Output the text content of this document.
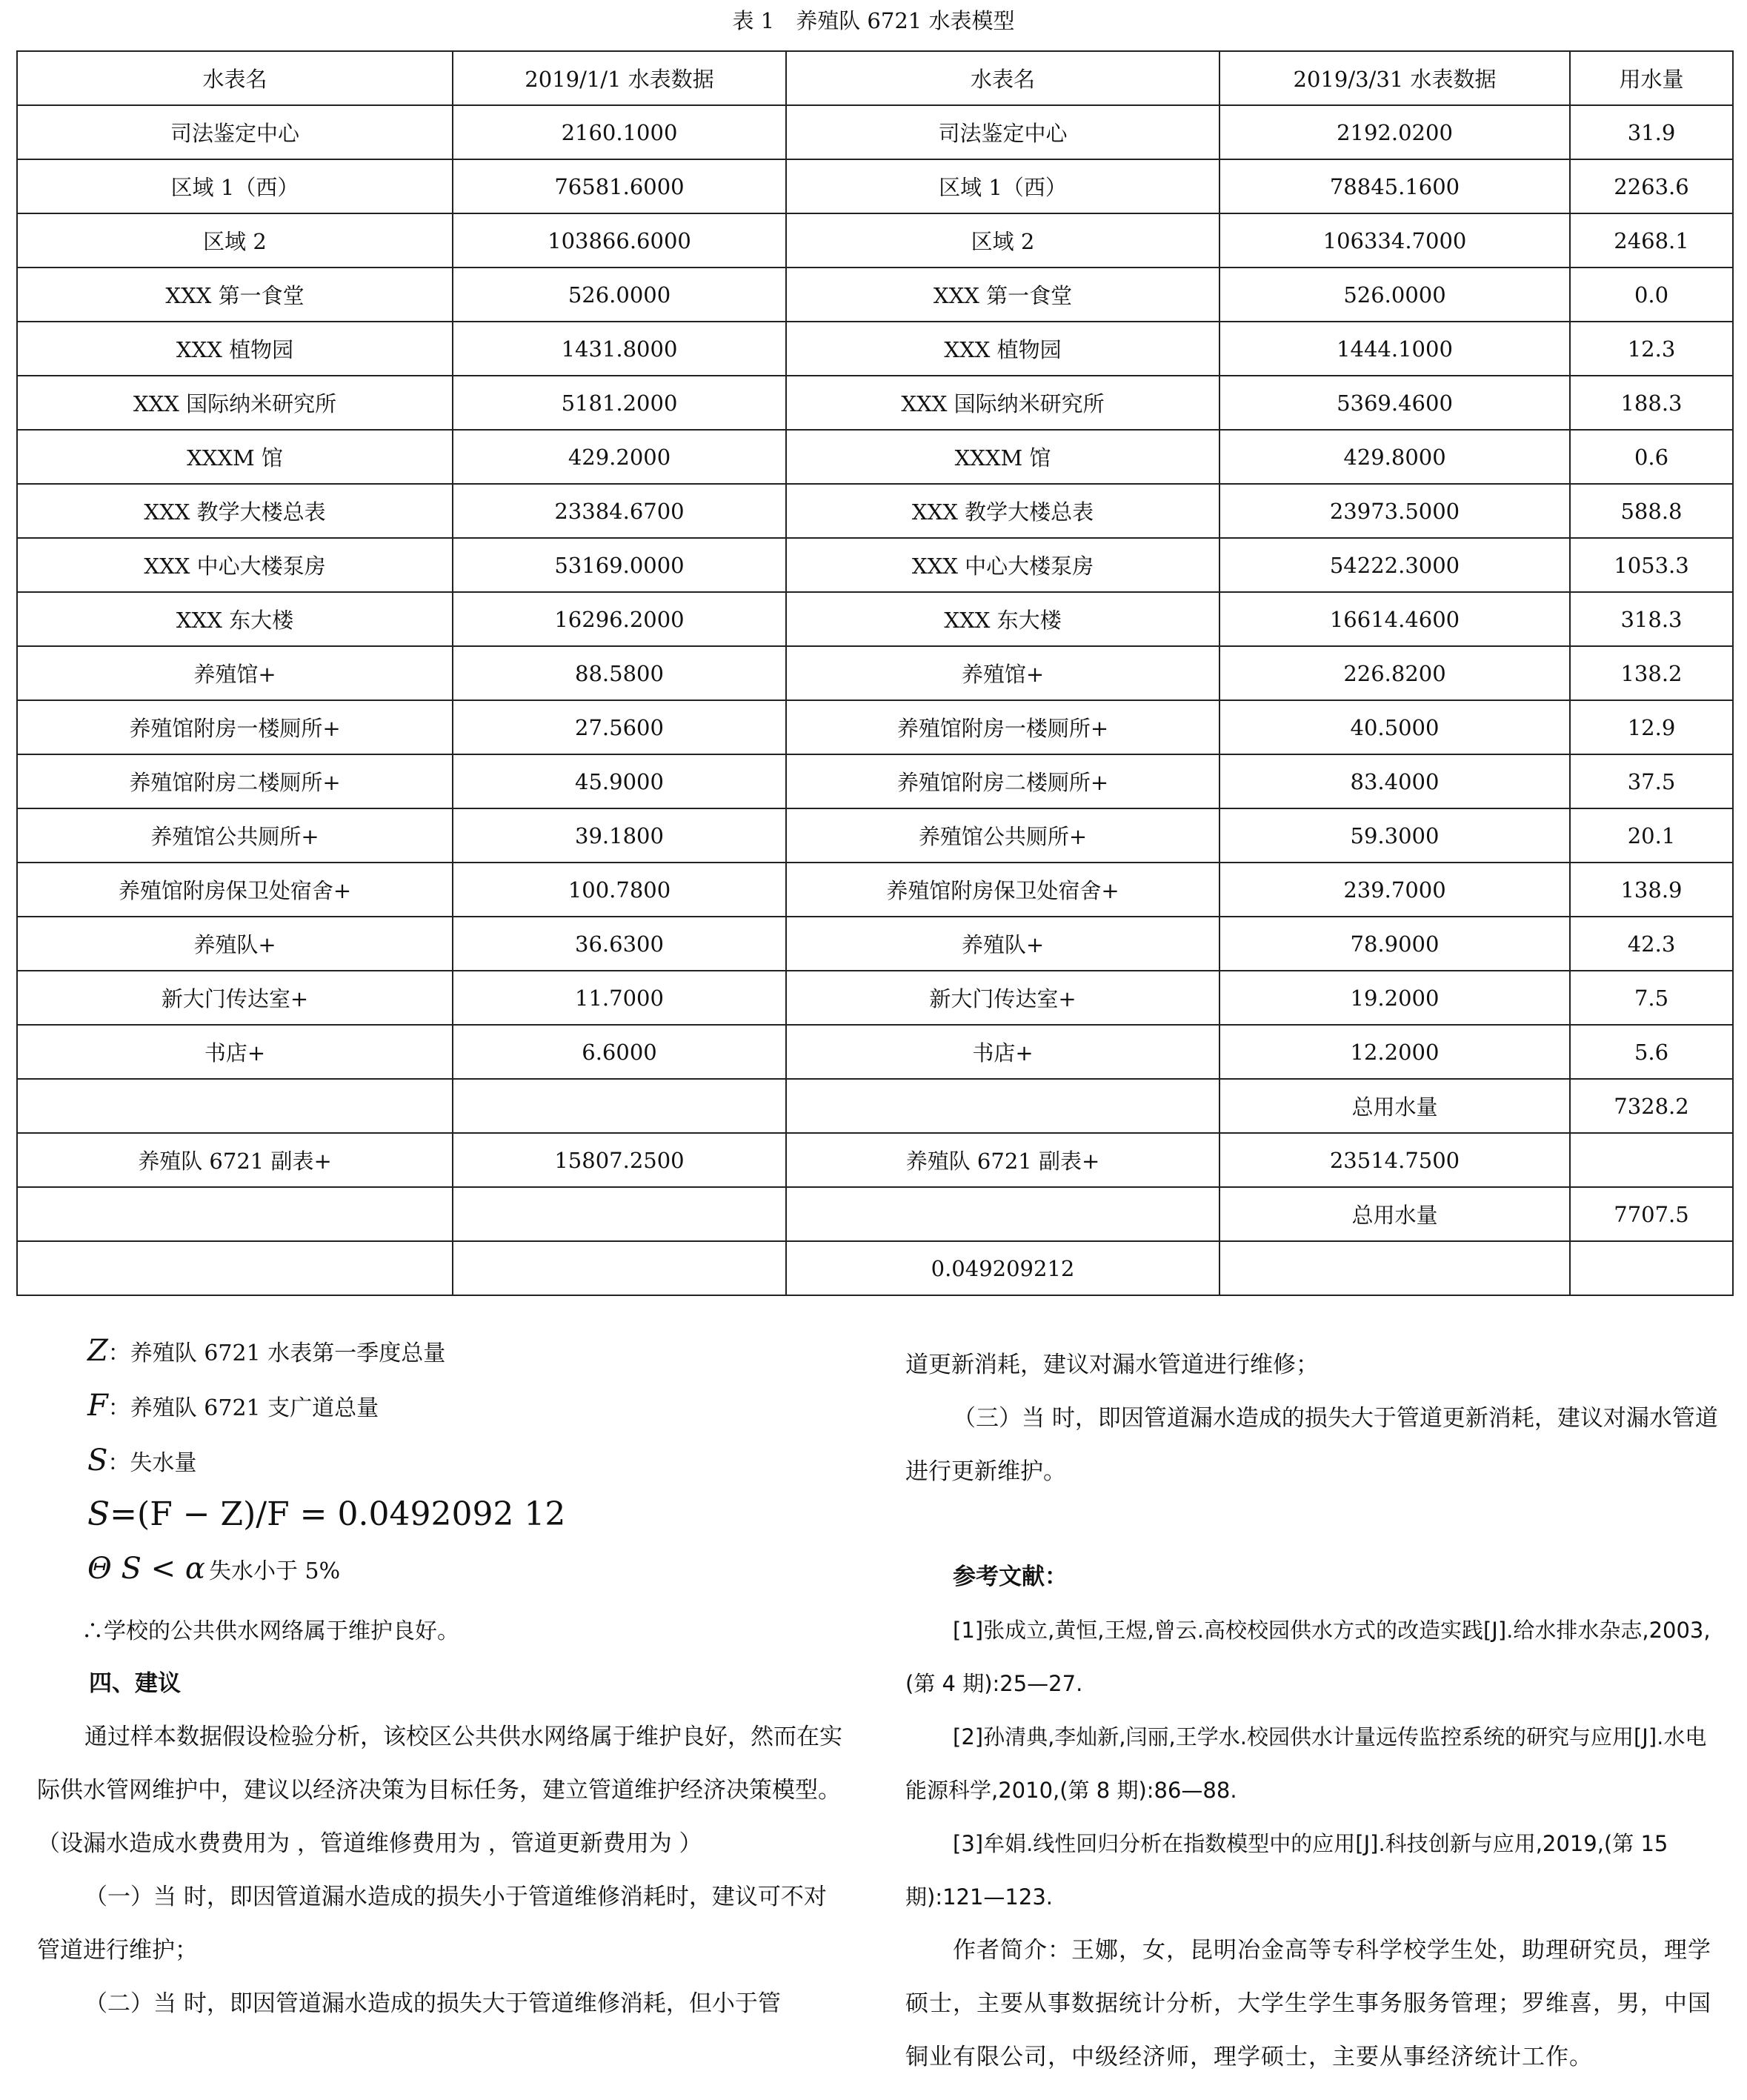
表 1　养殖队 6721 水表模型
水表名	2019/1/1 水表数据	水表名	2019/3/31 水表数据	用水量
司法鉴定中心	2160.1000	司法鉴定中心	2192.0200	31.9
区域 1（西）	76581.6000	区域 1（西）	78845.1600	2263.6
区域 2	103866.6000	区域 2	106334.7000	2468.1
XXX 第一食堂	526.0000	XXX 第一食堂	526.0000	0.0
XXX 植物园	1431.8000	XXX 植物园	1444.1000	12.3
XXX 国际纳米研究所	5181.2000	XXX 国际纳米研究所	5369.4600	188.3
XXXM 馆	429.2000	XXXM 馆	429.8000	0.6
XXX 教学大楼总表	23384.6700	XXX 教学大楼总表	23973.5000	588.8
XXX 中心大楼泵房	53169.0000	XXX 中心大楼泵房	54222.3000	1053.3
XXX 东大楼	16296.2000	XXX 东大楼	16614.4600	318.3
养殖馆+	88.5800	养殖馆+	226.8200	138.2
养殖馆附房一楼厕所+	27.5600	养殖馆附房一楼厕所+	40.5000	12.9
养殖馆附房二楼厕所+	45.9000	养殖馆附房二楼厕所+	83.4000	37.5
养殖馆公共厕所+	39.1800	养殖馆公共厕所+	59.3000	20.1
养殖馆附房保卫处宿舍+	100.7800	养殖馆附房保卫处宿舍+	239.7000	138.9
养殖队+	36.6300	养殖队+	78.9000	42.3
新大门传达室+	11.7000	新大门传达室+	19.2000	7.5
书店+	6.6000	书店+	12.2000	5.6
			总用水量	7328.2
养殖队 6721 副表+	15807.2500	养殖队 6721 副表+	23514.7500	
			总用水量	7707.5
		0.049209212		
Z：养殖队 6721 水表第一季度总量
F：养殖队 6721 支广道总量
S：失水量
S=(F − Z)/F = 0.0492092 12
Θ S < α 失水小于 5%
∴学校的公共供水网络属于维护良好。

四、建议

通过样本数据假设检验分析，该校区公共供水网络属于维护良好，然而在实际供水管网维护中，建议以经济决策为目标任务，建立管道维护经济决策模型。（设漏水造成水费费用为 ，管道维修费用为 ，管道更新费用为 ）

（一）当 时，即因管道漏水造成的损失小于管道维修消耗时，建议可不对管道进行维护；

（二）当 时，即因管道漏水造成的损失大于管道维修消耗，但小于管

道更新消耗，建议对漏水管道进行维修；

（三）当 时，即因管道漏水造成的损失大于管道更新消耗，建议对漏水管道进行更新维护。

参考文献：

[1]张成立,黄恒,王煜,曾云.高校校园供水方式的改造实践[J].给水排水杂志,2003,(第 4 期):25—27.

[2]孙清典,李灿新,闫丽,王学水.校园供水计量远传监控系统的研究与应用[J].水电能源科学,2010,(第 8 期):86—88.

[3]牟娟.线性回归分析在指数模型中的应用[J].科技创新与应用,2019,(第 15 期):121—123.

作者简介：王娜，女，昆明冶金高等专科学校学生处，助理研究员，理学硕士，主要从事数据统计分析，大学生学生事务服务管理；罗维喜，男，中国铜业有限公司，中级经济师，理学硕士，主要从事经济统计工作。
